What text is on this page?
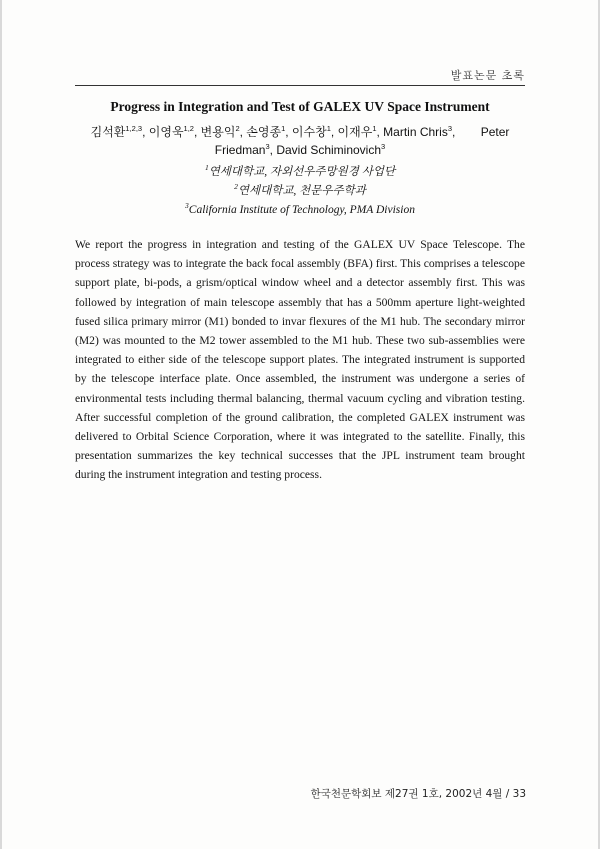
발표논문 초록
Progress in Integration and Test of GALEX UV Space Instrument
김석환$^{1,2,3}$, 이영욱$^{1,2}$, 변용익$^2$, 손영종$^1$, 이수창$^1$, 이재우$^1$, Martin Chris$^3$, Peter
Friedman$^3$, David Schiminovich$^3$
$^1$연세대학교, 자외선우주망원경 사업단
$^2$연세대학교, 천문우주학과
$^3$California Institute of Technology, PMA Division

We report the progress in integration and testing of the GALEX UV Space Telescope. The process strategy was to integrate the back focal assembly (BFA) first. This comprises a telescope support plate, bi-pods, a grism/optical window wheel and a detector assembly first. This was followed by integration of main telescope assembly that has a 500mm aperture light-weighted fused silica primary mirror (M1) bonded to invar flexures of the M1 hub. The secondary mirror (M2) was mounted to the M2 tower assembled to the M1 hub. These two sub-assemblies were integrated to either side of the telescope support plates. The integrated instrument is supported by the telescope interface plate. Once assembled, the instrument was undergone a series of environmental tests including thermal balancing, thermal vacuum cycling and vibration testing. After successful completion of the ground calibration, the completed GALEX instrument was delivered to Orbital Science Corporation, where it was integrated to the satellite. Finally, this presentation summarizes the key technical successes that the JPL instrument team brought during the instrument integration and testing process.

한국천문학회보 제27권 1호, 2002년 4월 / 33
